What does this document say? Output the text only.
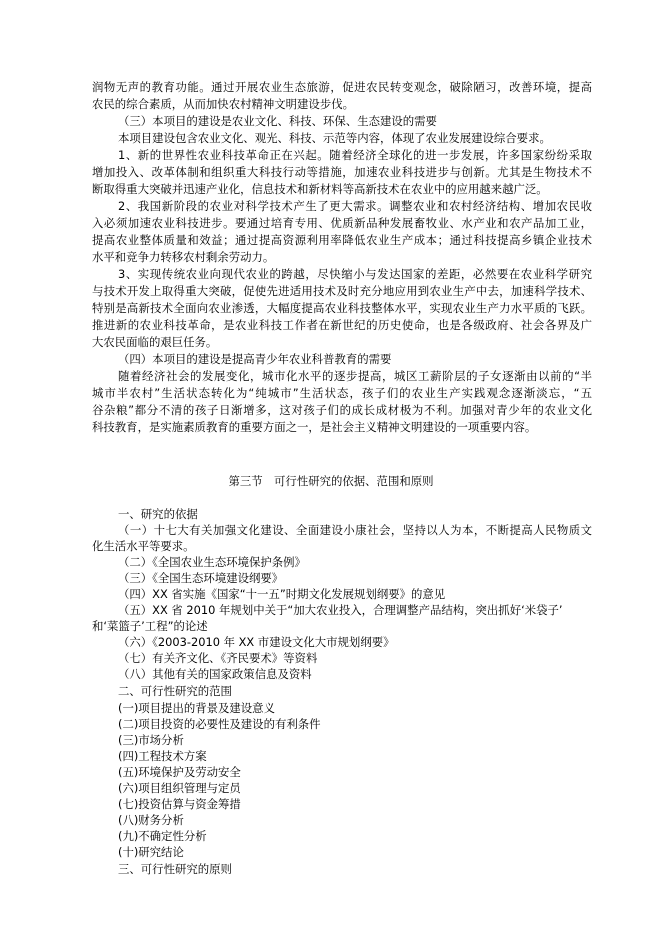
润物无声的教育功能。通过开展农业生态旅游，促进农民转变观念，破除陋习，改善环境，提高
农民的综合素质，从而加快农村精神文明建设步伐。
（三）本项目的建设是农业文化、科技、环保、生态建设的需要
本项目建设包含农业文化、观光、科技、示范等内容，体现了农业发展建设综合要求。
1、新的世界性农业科技革命正在兴起。随着经济全球化的进一步发展，许多国家纷纷采取
增加投入、改革体制和组织重大科技行动等措施，加速农业科技进步与创新。尤其是生物技术不
断取得重大突破并迅速产业化，信息技术和新材料等高新技术在农业中的应用越来越广泛。
2、我国新阶段的农业对科学技术产生了更大需求。调整农业和农村经济结构、增加农民收
入必须加速农业科技进步。要通过培育专用、优质新品种发展畜牧业、水产业和农产品加工业，
提高农业整体质量和效益；通过提高资源利用率降低农业生产成本；通过科技提高乡镇企业技术
水平和竞争力转移农村剩余劳动力。
3、实现传统农业向现代农业的跨越，尽快缩小与发达国家的差距，必然要在农业科学研究
与技术开发上取得重大突破，促使先进适用技术及时充分地应用到农业生产中去，加速科学技术、
特别是高新技术全面向农业渗透，大幅度提高农业科技整体水平，实现农业生产力水平质的飞跃。
推进新的农业科技革命，是农业科技工作者在新世纪的历史使命，也是各级政府、社会各界及广
大农民面临的艰巨任务。
（四）本项目的建设是提高青少年农业科普教育的需要
随着经济社会的发展变化，城市化水平的逐步提高，城区工薪阶层的子女逐渐由以前的“半
城市半农村”生活状态转化为“纯城市”生活状态，孩子们的农业生产实践观念逐渐淡忘，“五
谷杂粮”都分不清的孩子日渐增多，这对孩子们的成长成材极为不利。加强对青少年的农业文化
科技教育，是实施素质教育的重要方面之一，是社会主义精神文明建设的一项重要内容。
第三节　可行性研究的依据、范围和原则
一、研究的依据
（一）十七大有关加强文化建设、全面建设小康社会，坚持以人为本，不断提高人民物质文
化生活水平等要求。
（二）《全国农业生态环境保护条例》
（三）《全国生态环境建设纲要》
（四）XX 省实施《国家“十一五”时期文化发展规划纲要》的意见
（五）XX 省 2010 年规划中关于“加大农业投入，合理调整产品结构，突出抓好‘米袋子’
和‘菜篮子’工程”的论述
（六）《2003-2010 年 XX 市建设文化大市规划纲要》
（七）有关齐文化、《齐民要术》等资料
（八）其他有关的国家政策信息及资料
二、可行性研究的范围
(一)项目提出的背景及建设意义
(二)项目投资的必要性及建设的有利条件
(三)市场分析
(四)工程技术方案
(五)环境保护及劳动安全
(六)项目组织管理与定员
(七)投资估算与资金筹措
(八)财务分析
(九)不确定性分析
(十)研究结论
三、可行性研究的原则
